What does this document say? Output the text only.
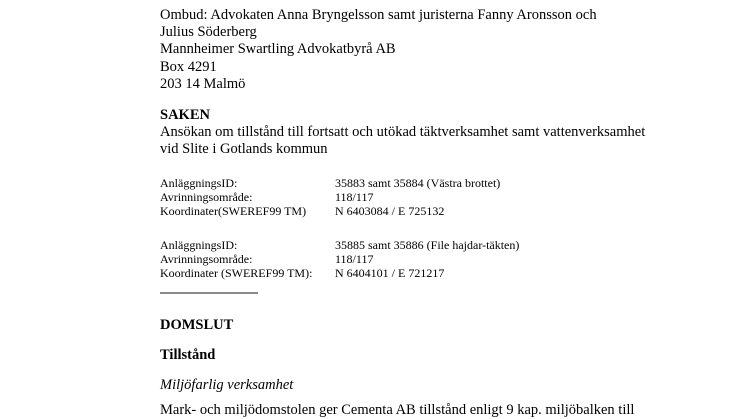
Ombud: Advokaten Anna Bryngelsson samt juristerna Fanny Aronsson och
Julius Söderberg
Mannheimer Swartling Advokatbyrå AB
Box 4291
203 14 Malmö
SAKEN
Ansökan om tillstånd till fortsatt och utökad täktverksamhet samt vattenverksamhet
vid Slite i Gotlands kommun
AnläggningsID:	35883 samt 35884 (Västra brottet)
Avrinningsområde:	118/117
Koordinater(SWEREF99 TM)	N 6403084 / E 725132
AnläggningsID:	35885 samt 35886 (File hajdar-täkten)
Avrinningsområde:	118/117
Koordinater (SWEREF99 TM):	N 6404101 / E 721217
DOMSLUT
Tillstånd
Miljöfarlig verksamhet
Mark- och miljödomstolen ger Cementa AB tillstånd enligt 9 kap. miljöbalken till
